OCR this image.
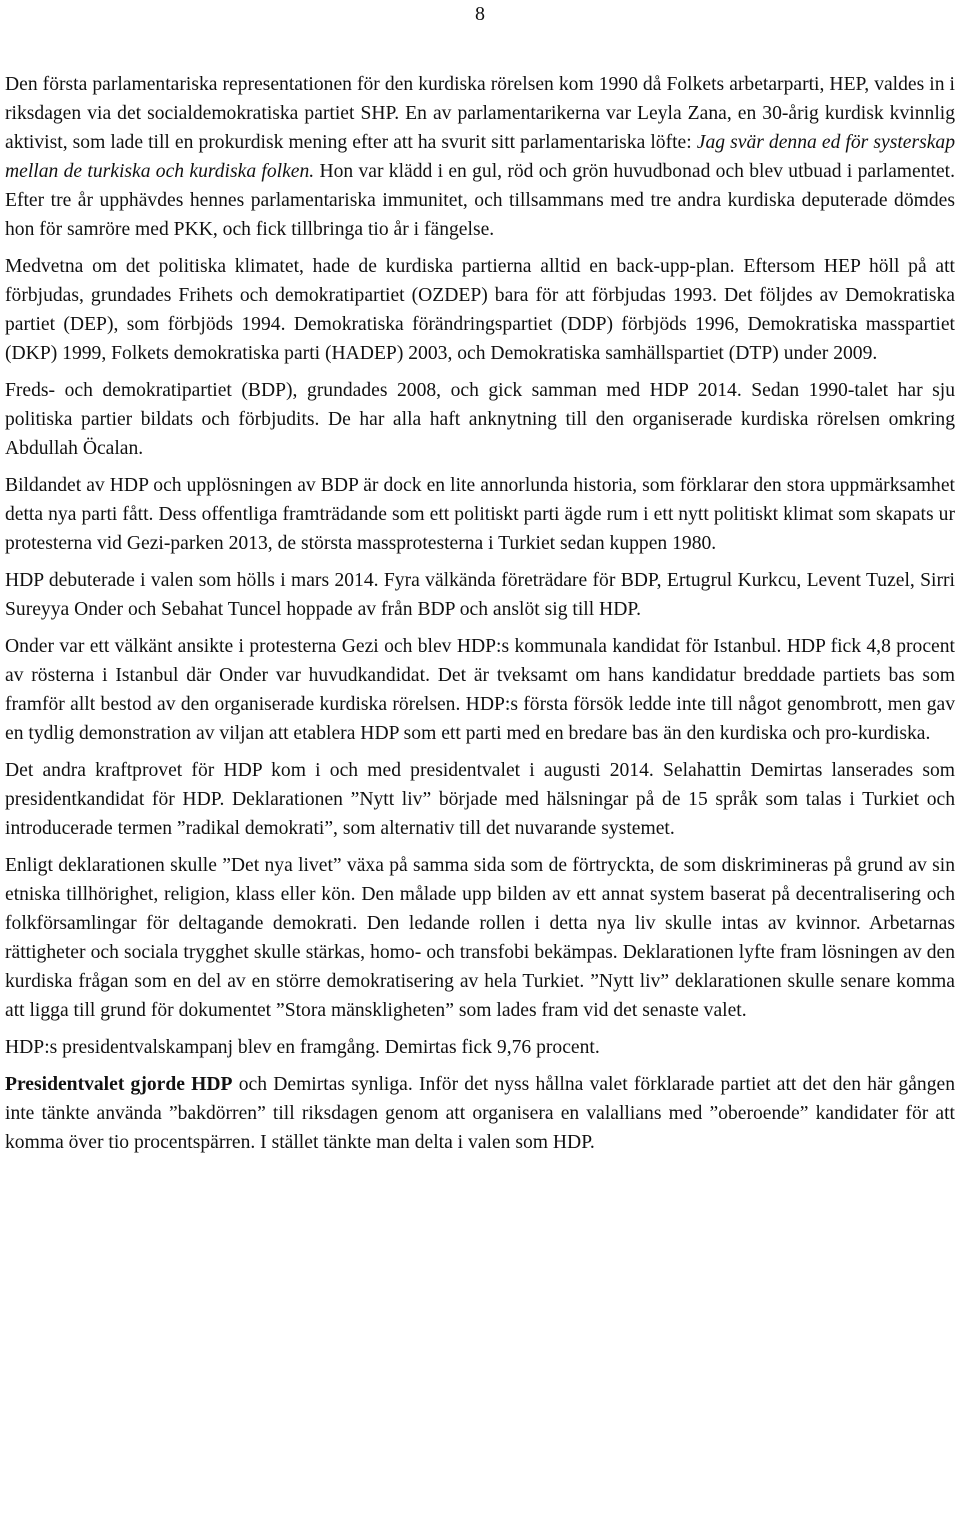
8

Den första parlamentariska representationen för den kurdiska rörelsen kom 1990 då Folkets arbetarparti, HEP, valdes in i riksdagen via det socialdemokratiska partiet SHP. En av parlamentarikerna var Leyla Zana, en 30-årig kurdisk kvinnlig aktivist, som lade till en prokurdisk mening efter att ha svurit sitt parlamentariska löfte: Jag svär denna ed för systerskap mellan de turkiska och kurdiska folken. Hon var klädd i en gul, röd och grön huvudbonad och blev utbuad i parlamentet. Efter tre år upphävdes hennes parlamentariska immunitet, och tillsammans med tre andra kurdiska deputerade dömdes hon för samröre med PKK, och fick tillbringa tio år i fängelse.

Medvetna om det politiska klimatet, hade de kurdiska partierna alltid en back-upp-plan. Eftersom HEP höll på att förbjudas, grundades Frihets och demokratipartiet (OZDEP) bara för att förbjudas 1993. Det följdes av Demokratiska partiet (DEP), som förbjöds 1994. Demokratiska förändringspartiet (DDP) förbjöds 1996, Demokratiska masspartiet (DKP) 1999, Folkets demokratiska parti (HADEP) 2003, och Demokratiska samhällspartiet (DTP) under 2009.

Freds- och demokratipartiet (BDP), grundades 2008, och gick samman med HDP 2014. Sedan 1990-talet har sju politiska partier bildats och förbjudits. De har alla haft anknytning till den organiserade kurdiska rörelsen omkring Abdullah Öcalan.

Bildandet av HDP och upplösningen av BDP är dock en lite annorlunda historia, som förklarar den stora uppmärksamhet detta nya parti fått. Dess offentliga framträdande som ett politiskt parti ägde rum i ett nytt politiskt klimat som skapats ur protesterna vid Gezi-parken 2013, de största massprotesterna i Turkiet sedan kuppen 1980.

HDP debuterade i valen som hölls i mars 2014. Fyra välkända företrädare för BDP, Ertugrul Kurkcu, Levent Tuzel, Sirri Sureyya Onder och Sebahat Tuncel hoppade av från BDP och anslöt sig till HDP.

Onder var ett välkänt ansikte i protesterna Gezi och blev HDP:s kommunala kandidat för Istanbul. HDP fick 4,8 procent av rösterna i Istanbul där Onder var huvudkandidat. Det är tveksamt om hans kandidatur breddade partiets bas som framför allt bestod av den organiserade kurdiska rörelsen. HDP:s första försök ledde inte till något genombrott, men gav en tydlig demonstration av viljan att etablera HDP som ett parti med en bredare bas än den kurdiska och pro-kurdiska.

Det andra kraftprovet för HDP kom i och med presidentvalet i augusti 2014. Selahattin Demirtas lanserades som presidentkandidat för HDP. Deklarationen ”Nytt liv” började med hälsningar på de 15 språk som talas i Turkiet och introducerade termen ”radikal demokrati”, som alternativ till det nuvarande systemet.

Enligt deklarationen skulle ”Det nya livet” växa på samma sida som de förtryckta, de som diskrimineras på grund av sin etniska tillhörighet, religion, klass eller kön. Den målade upp bilden av ett annat system baserat på decentralisering och folkförsamlingar för deltagande demokrati. Den ledande rollen i detta nya liv skulle intas av kvinnor. Arbetarnas rättigheter och sociala trygghet skulle stärkas, homo- och transfobi bekämpas. Deklarationen lyfte fram lösningen av den kurdiska frågan som en del av en större demokratisering av hela Turkiet. ”Nytt liv” deklarationen skulle senare komma att ligga till grund för dokumentet ”Stora mänskligheten” som lades fram vid det senaste valet.

HDP:s presidentvalskampanj blev en framgång. Demirtas fick 9,76 procent.

Presidentvalet gjorde HDP och Demirtas synliga. Inför det nyss hållna valet förklarade partiet att det den här gången inte tänkte använda ”bakdörren” till riksdagen genom att organisera en valallians med ”oberoende” kandidater för att komma över tio procentspärren. I stället tänkte man delta i valen som HDP.
